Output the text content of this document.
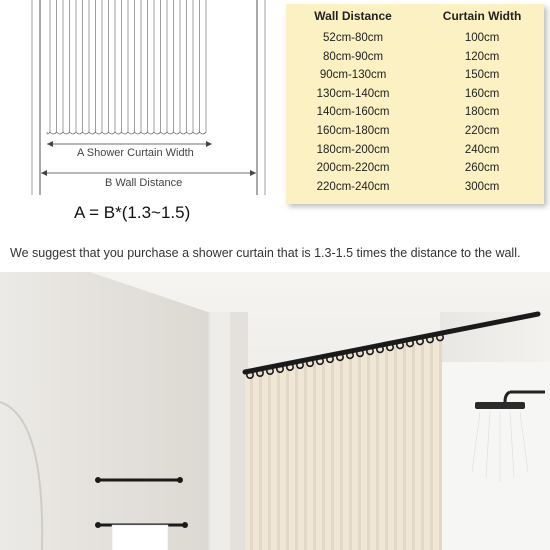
A Shower Curtain Width
B Wall Distance
A = B*(1.3~1.5)
Wall Distance	Curtain Width
52cm-80cm	100cm
80cm-90cm	120cm
90cm-130cm	150cm
130cm-140cm	160cm
140cm-160cm	180cm
160cm-180cm	220cm
180cm-200cm	240cm
200cm-220cm	260cm
220cm-240cm	300cm
We suggest that you purchase a shower curtain that is 1.3-1.5 times the distance to the wall.
